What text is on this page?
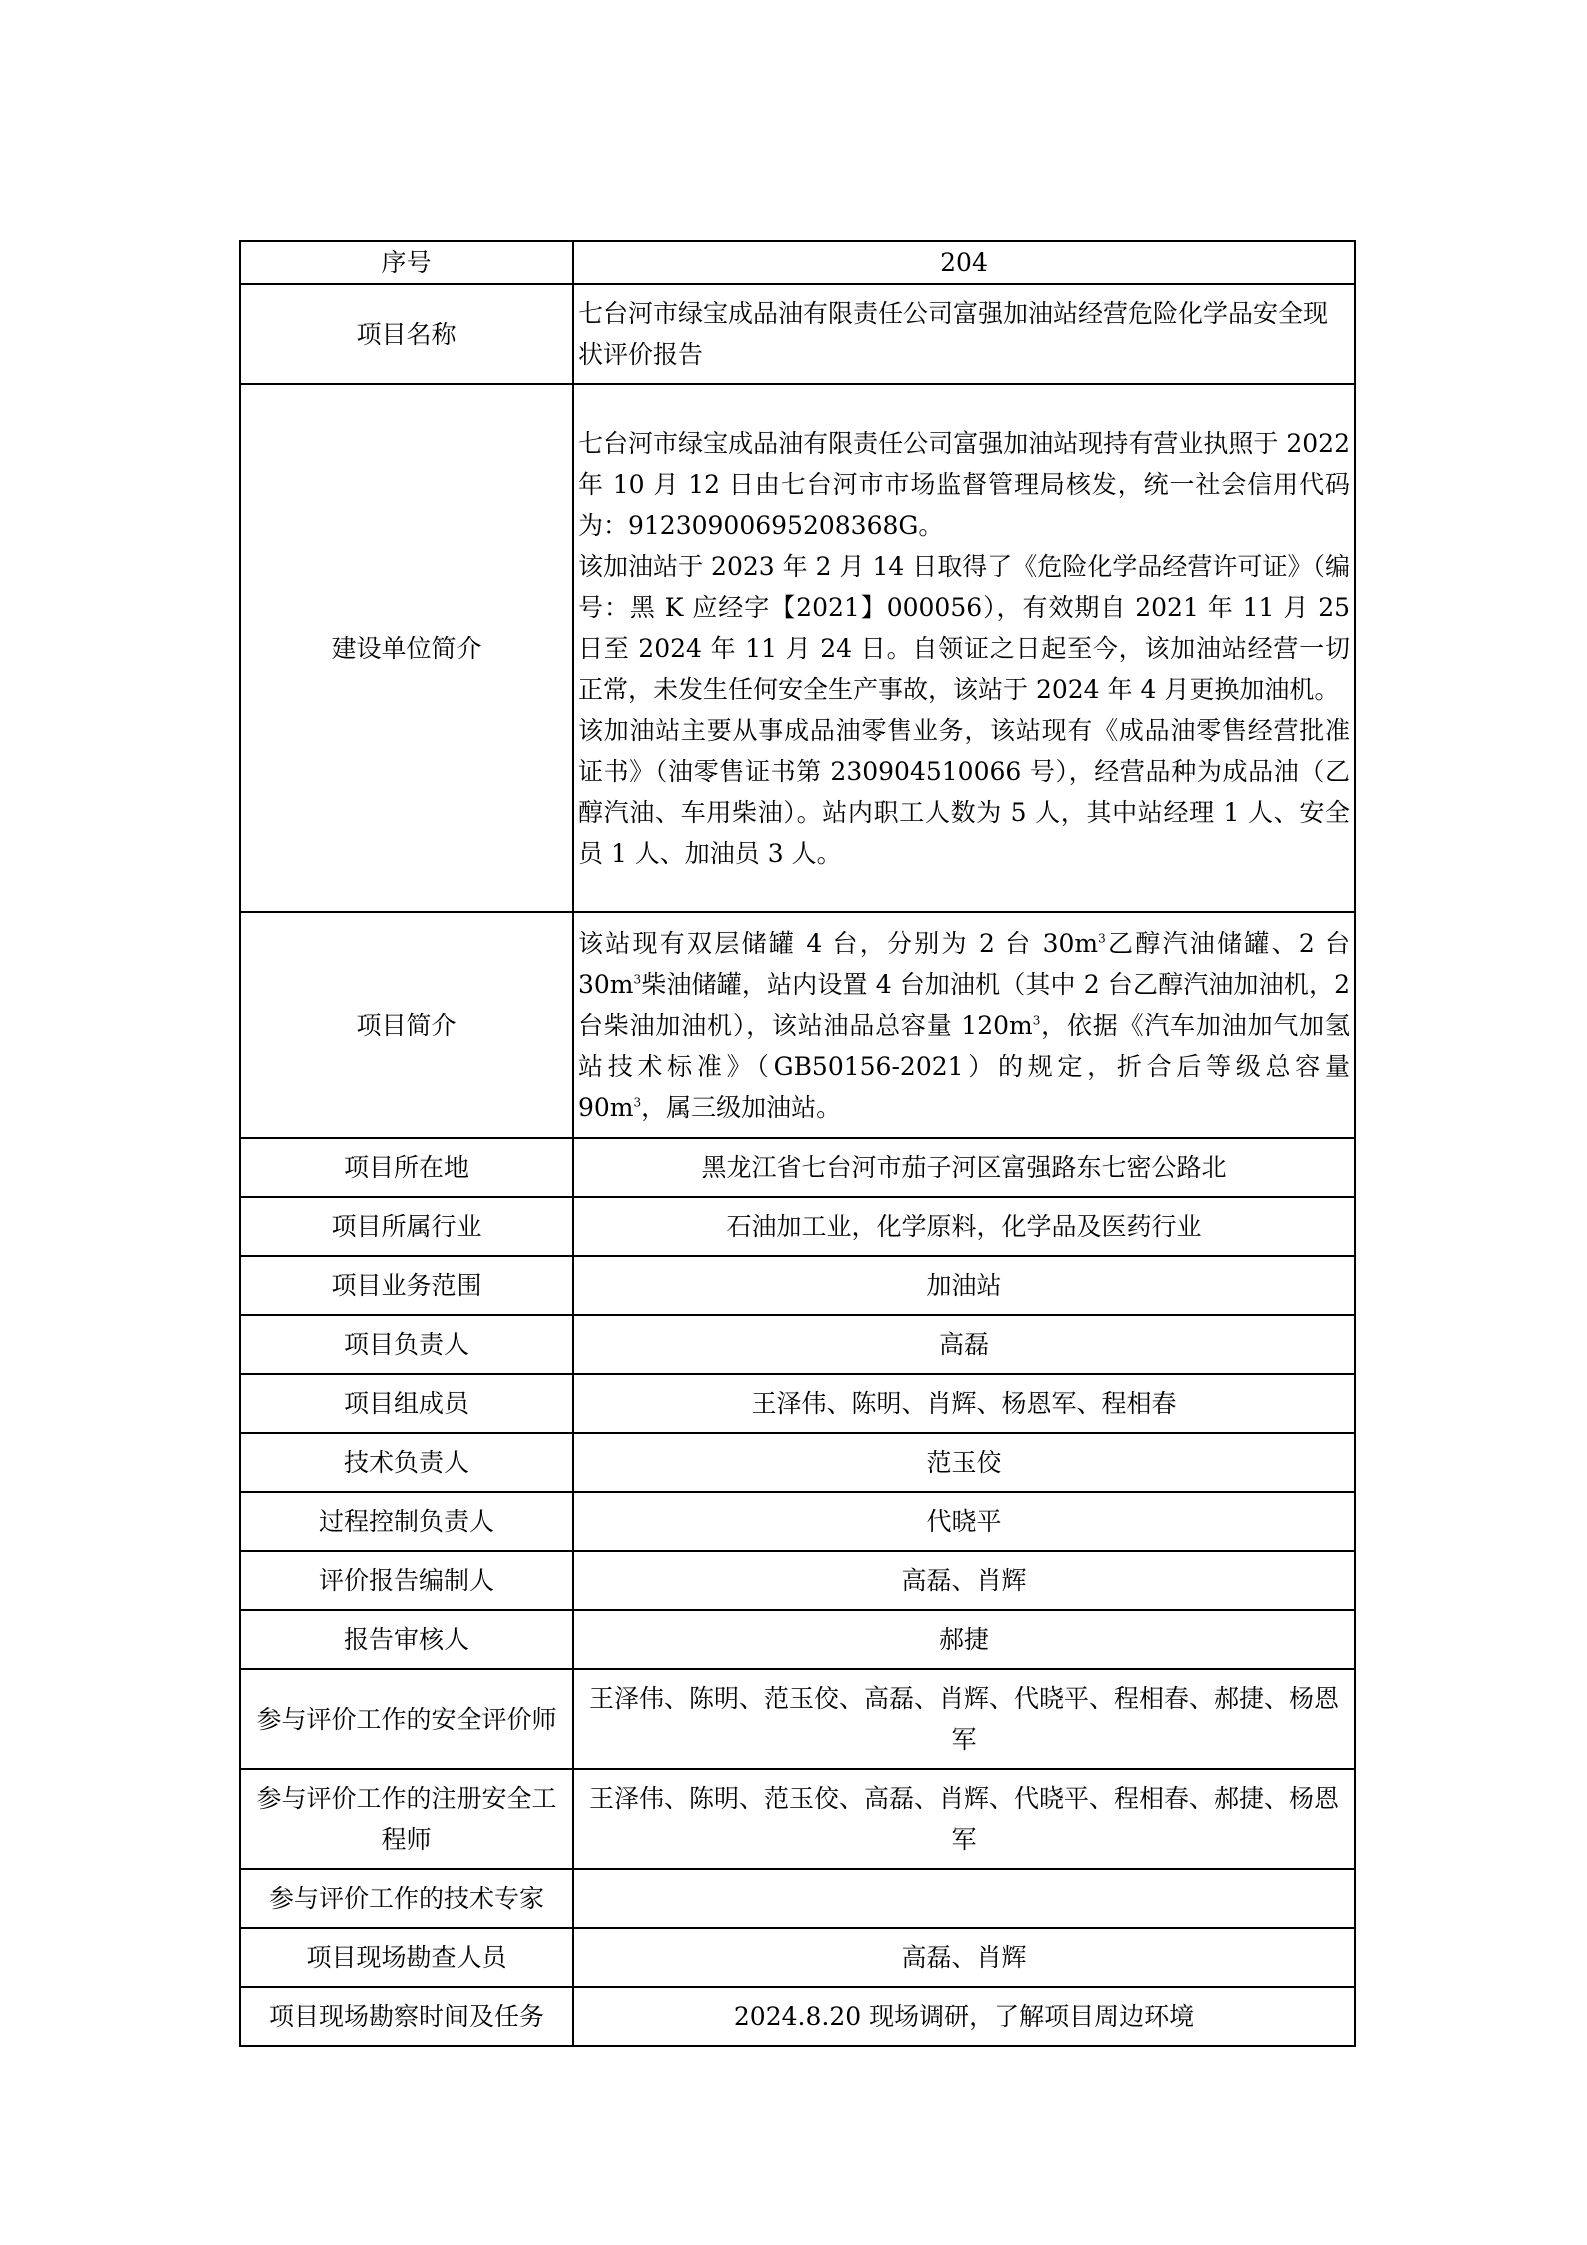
序号	204
项目名称	七台河市绿宝成品油有限责任公司富强加油站经营危险化学品安全现状评价报告
建设单位简介	七台河市绿宝成品油有限责任公司富强加油站现持有营业执照于 2022 年 10 月 12 日由七台河市市场监督管理局核发，统一社会信用代码为：91230900695208368G。

该加油站于 2023 年 2 月 14 日取得了《危险化学品经营许可证》（编号：黑 K 应经字【2021】000056），有效期自 2021 年 11 月 25 日至 2024 年 11 月 24 日。自领证之日起至今，该加油站经营一切正常，未发生任何安全生产事故，该站于 2024 年 4 月更换加油机。

该加油站主要从事成品油零售业务，该站现有《成品油零售经营批准证书》（油零售证书第 230904510066 号），经营品种为成品油（乙醇汽油、车用柴油）。站内职工人数为 5 人，其中站经理 1 人、安全员 1 人、加油员 3 人。

项目简介	该站现有双层储罐 4 台，分别为 2 台 $30m^3$乙醇汽油储罐、2 台 $30m^3$柴油储罐，站内设置 4 台加油机（其中 2 台乙醇汽油加油机，2 台柴油加油机），该站油品总容量 $120m^3$，依据《汽车加油加气加氢站技术标准》（GB50156-2021）的规定，折合后等级总容量 $90m^3$，属三级加油站。

项目所在地	黑龙江省七台河市茄子河区富强路东七密公路北
项目所属行业	石油加工业，化学原料，化学品及医药行业
项目业务范围	加油站
项目负责人	高磊
项目组成员	王泽伟、陈明、肖辉、杨恩军、程相春
技术负责人	范玉佼
过程控制负责人	代晓平
评价报告编制人	高磊、肖辉
报告审核人	郝捷
参与评价工作的安全评价师	王泽伟、陈明、范玉佼、高磊、肖辉、代晓平、程相春、郝捷、杨恩军
参与评价工作的注册安全工程师	王泽伟、陈明、范玉佼、高磊、肖辉、代晓平、程相春、郝捷、杨恩军
参与评价工作的技术专家	
项目现场勘查人员	高磊、肖辉
项目现场勘察时间及任务	2024.8.20 现场调研，了解项目周边环境
